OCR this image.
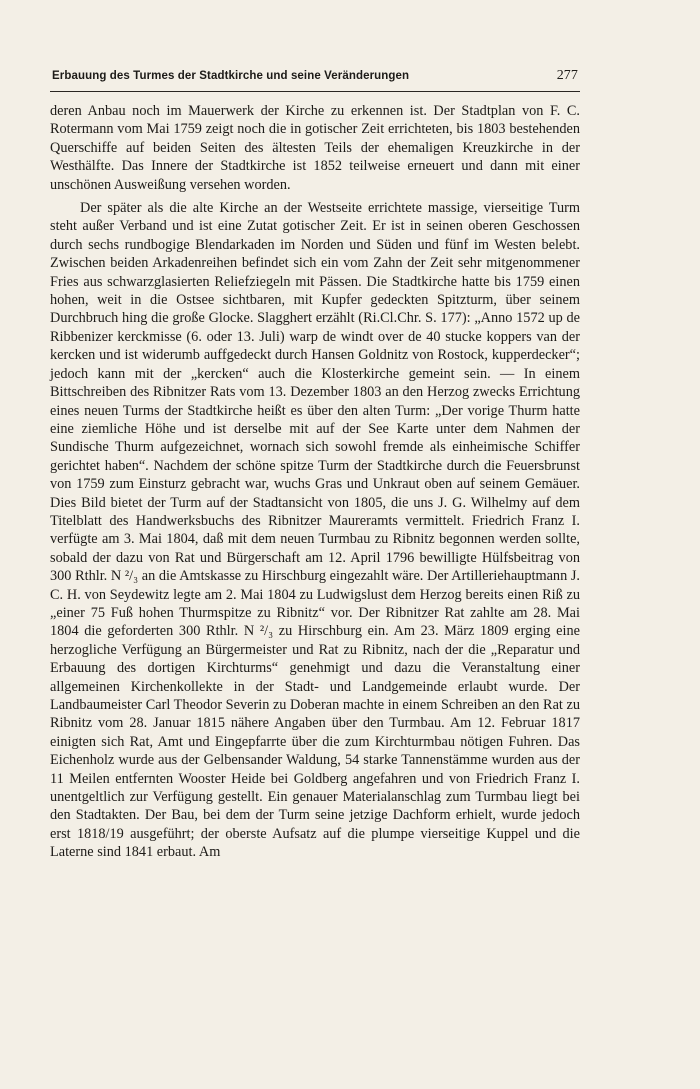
Erbauung des Turmes der Stadtkirche und seine Veränderungen	277

deren Anbau noch im Mauerwerk der Kirche zu erkennen ist. Der Stadtplan von F. C. Rotermann vom Mai 1759 zeigt noch die in gotischer Zeit errichteten, bis 1803 bestehenden Querschiffe auf beiden Seiten des ältesten Teils der ehemaligen Kreuzkirche in der Westhälfte. Das Innere der Stadtkirche ist 1852 teilweise erneuert und dann mit einer unschönen Ausweißung versehen worden.

Der später als die alte Kirche an der Westseite errichtete massige, vierseitige Turm steht außer Verband und ist eine Zutat gotischer Zeit. Er ist in seinen oberen Geschossen durch sechs rundbogige Blendarkaden im Norden und Süden und fünf im Westen belebt. Zwischen beiden Arkadenreihen befindet sich ein vom Zahn der Zeit sehr mitgenommener Fries aus schwarzglasierten Reliefziegeln mit Pässen. Die Stadtkirche hatte bis 1759 einen hohen, weit in die Ostsee sichtbaren, mit Kupfer gedeckten Spitzturm, über seinem Durchbruch hing die große Glocke. Slagghert erzählt (Ri.Cl.Chr. S. 177): „Anno 1572 up de Ribbenizer kerckmisse (6. oder 13. Juli) warp de windt over de 40 stucke koppers van der kercken und ist widerumb auffgedeckt durch Hansen Goldnitz von Rostock, kupperdecker“; jedoch kann mit der „kercken“ auch die Klosterkirche gemeint sein. — In einem Bittschreiben des Ribnitzer Rats vom 13. Dezember 1803 an den Herzog zwecks Errichtung eines neuen Turms der Stadtkirche heißt es über den alten Turm: „Der vorige Thurm hatte eine ziemliche Höhe und ist derselbe mit auf der See Karte unter dem Nahmen der Sundische Thurm aufgezeichnet, wornach sich sowohl fremde als einheimische Schiffer gerichtet haben“. Nachdem der schöne spitze Turm der Stadtkirche durch die Feuersbrunst von 1759 zum Einsturz gebracht war, wuchs Gras und Unkraut oben auf seinem Gemäuer. Dies Bild bietet der Turm auf der Stadtansicht von 1805, die uns J. G. Wilhelmy auf dem Titelblatt des Handwerksbuchs des Ribnitzer Maureramts vermittelt. Friedrich Franz I. verfügte am 3. Mai 1804, daß mit dem neuen Turmbau zu Ribnitz begonnen werden sollte, sobald der dazu von Rat und Bürgerschaft am 12. April 1796 bewilligte Hülfsbeitrag von 300 Rthlr. N ²/₃ an die Amtskasse zu Hirschburg eingezahlt wäre. Der Artilleriehauptmann J. C. H. von Seydewitz legte am 2. Mai 1804 zu Ludwigslust dem Herzog bereits einen Riß zu „einer 75 Fuß hohen Thurmspitze zu Ribnitz“ vor. Der Ribnitzer Rat zahlte am 28. Mai 1804 die geforderten 300 Rthlr. N ²/₃ zu Hirschburg ein. Am 23. März 1809 erging eine herzogliche Verfügung an Bürgermeister und Rat zu Ribnitz, nach der die „Reparatur und Erbauung des dortigen Kirchturms“ genehmigt und dazu die Veranstaltung einer allgemeinen Kirchenkollekte in der Stadt- und Landgemeinde erlaubt wurde. Der Landbaumeister Carl Theodor Severin zu Doberan machte in einem Schreiben an den Rat zu Ribnitz vom 28. Januar 1815 nähere Angaben über den Turmbau. Am 12. Februar 1817 einigten sich Rat, Amt und Eingepfarrte über die zum Kirchturmbau nötigen Fuhren. Das Eichenholz wurde aus der Gelbensander Waldung, 54 starke Tannenstämme wurden aus der 11 Meilen entfernten Wooster Heide bei Goldberg angefahren und von Friedrich Franz I. unentgeltlich zur Verfügung gestellt. Ein genauer Materialanschlag zum Turmbau liegt bei den Stadtakten. Der Bau, bei dem der Turm seine jetzige Dachform erhielt, wurde jedoch erst 1818/19 ausgeführt; der oberste Aufsatz auf die plumpe vierseitige Kuppel und die Laterne sind 1841 erbaut. Am
